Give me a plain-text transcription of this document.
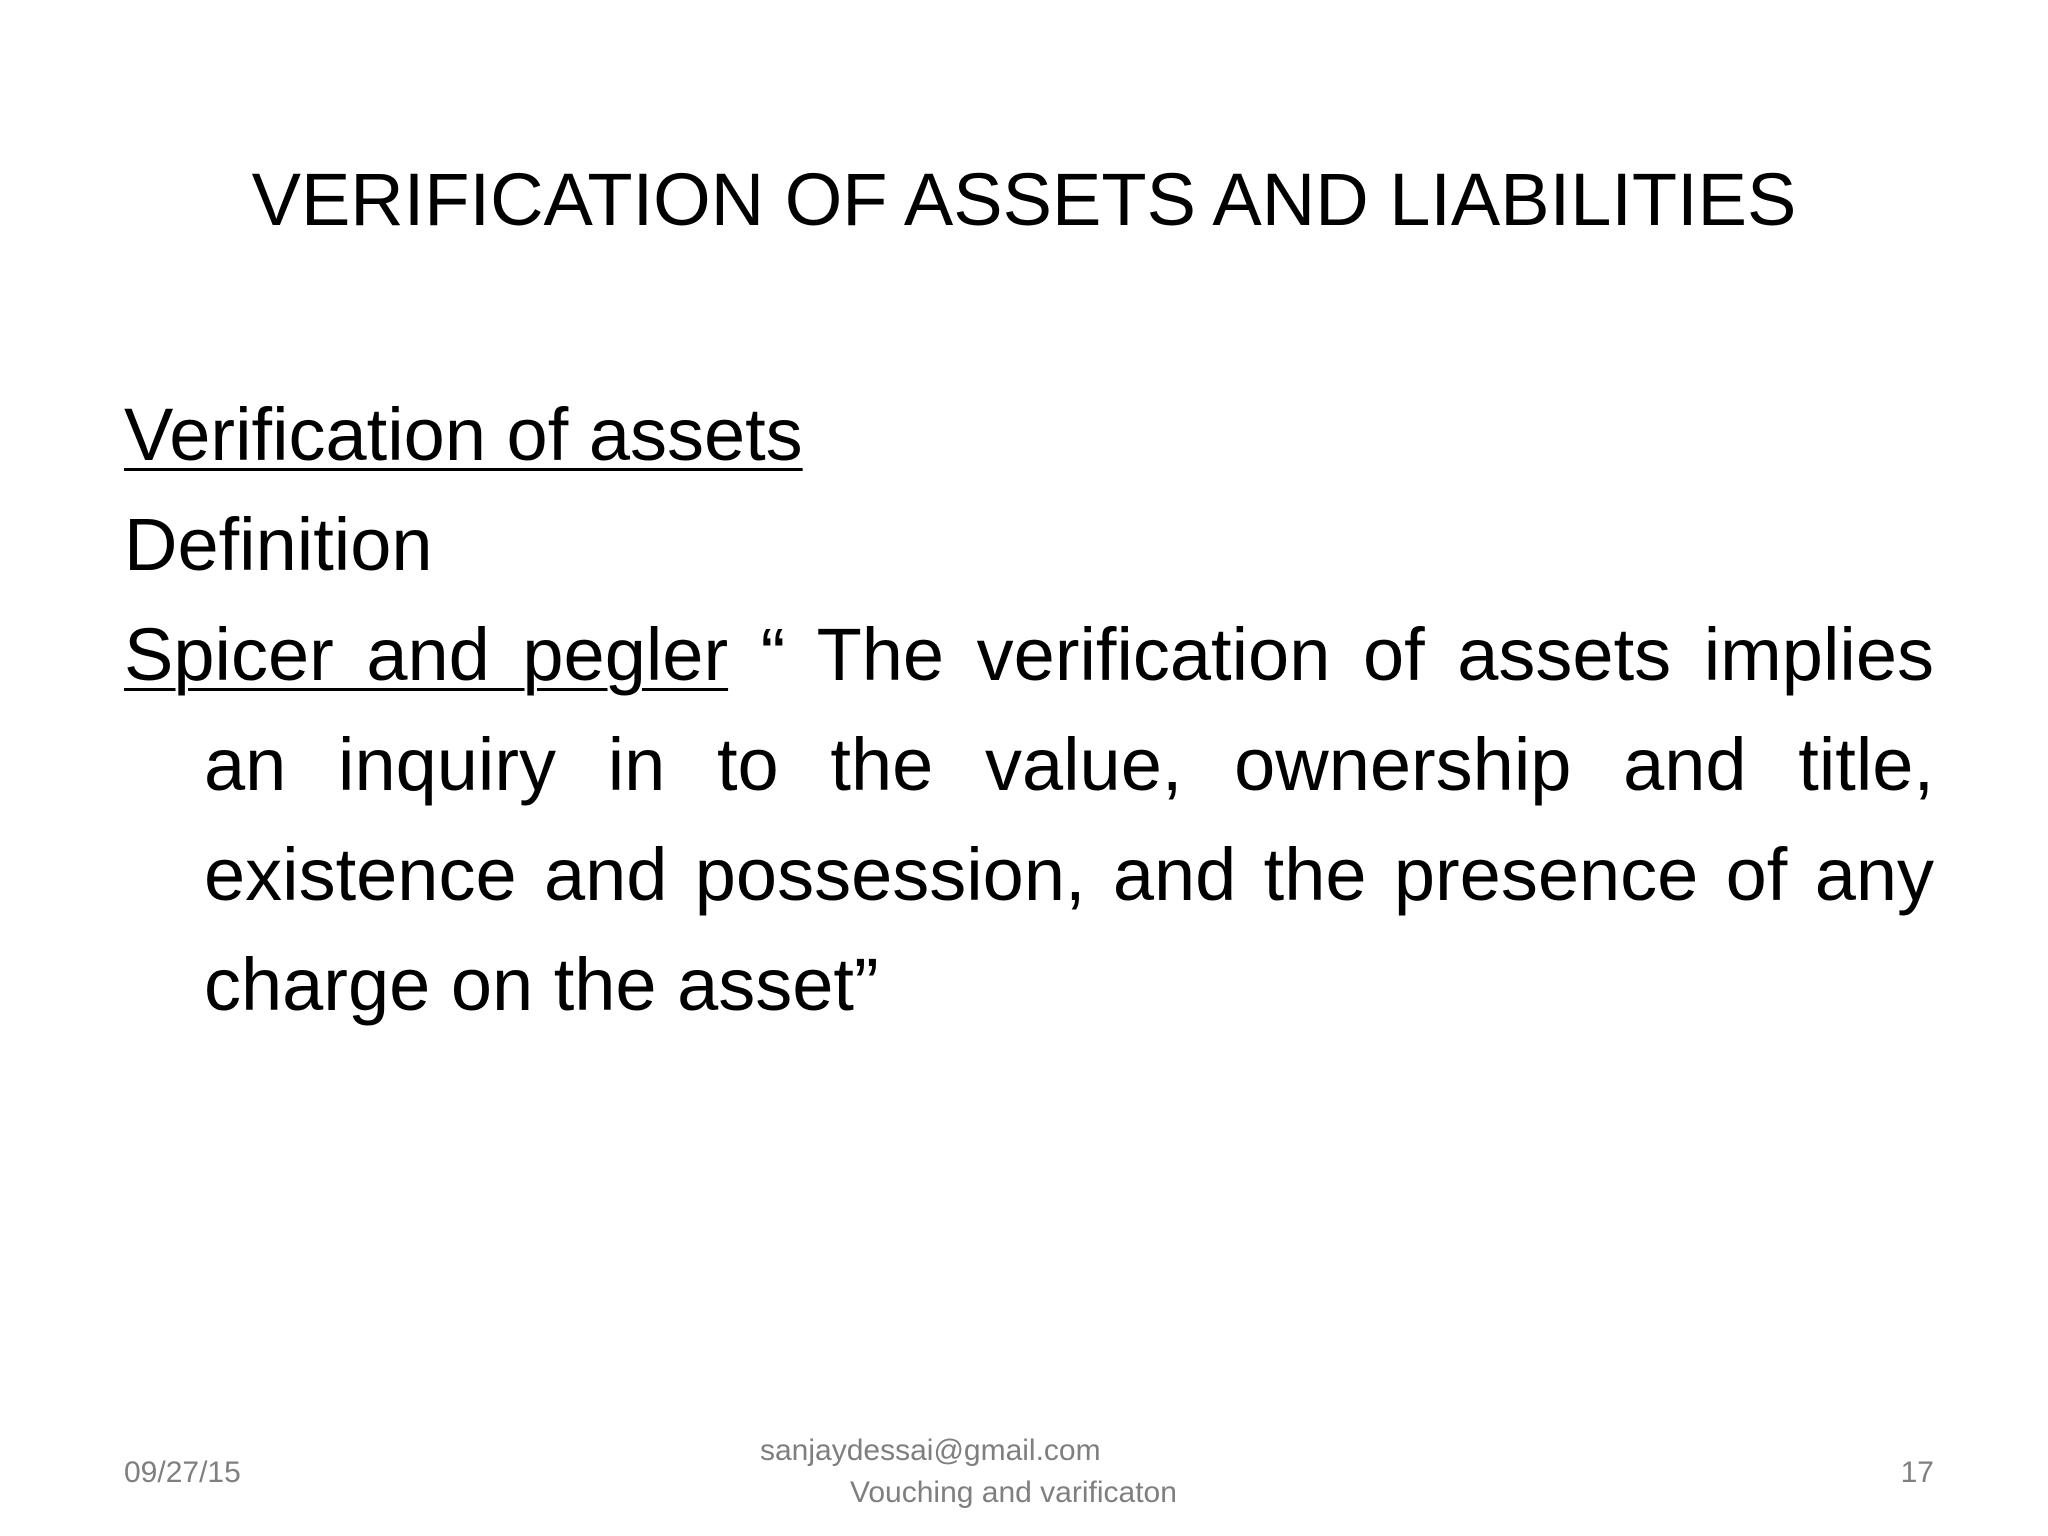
VERIFICATION OF ASSETS AND LIABILITIES

Verification of assets

Definition

Spicer and pegler “ The verification of assets implies an inquiry in to the value, ownership and title, existence and possession, and the presence of any charge on the asset”

09/27/15
sanjaydessai@gmail.com
Vouching and varificaton
17
